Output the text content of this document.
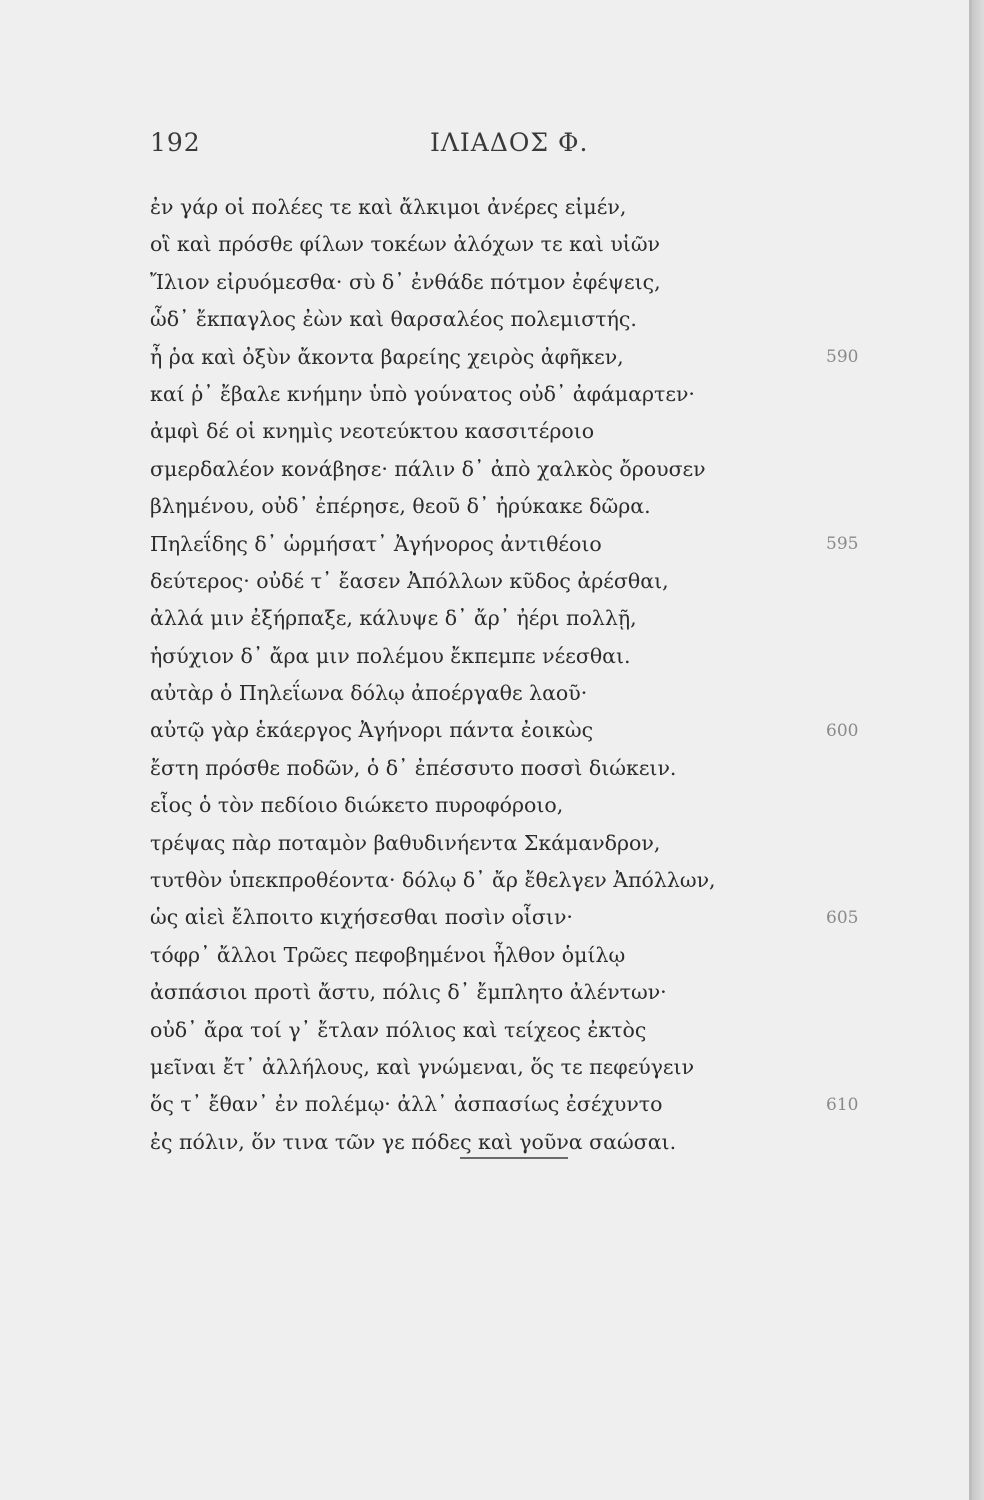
192	ΙΛΙΑΔΟΣ Φ.
ἐν γάρ οἱ πολέες τε καὶ ἄλκιμοι ἀνέρες εἰμέν,
οἳ καὶ πρόσθε φίλων τοκέων ἀλόχων τε καὶ υἱῶν
Ἴλιον εἰρυόμεσθα· σὺ δ᾽ ἐνθάδε πότμον ἐφέψεις,
ὧδ᾽ ἔκπαγλος ἐὼν καὶ θαρσαλέος πολεμιστής.
ἦ ῥα καὶ ὀξὺν ἄκοντα βαρείης χειρὸς ἀφῆκεν,
καί ῥ᾽ ἔβαλε κνήμην ὑπὸ γούνατος οὐδ᾽ ἀφάμαρτεν·
ἀμφὶ δέ οἱ κνημὶς νεοτεύκτου κασσιτέροιο
σμερδαλέον κονάβησε· πάλιν δ᾽ ἀπὸ χαλκὸς ὄρουσεν
βλημένου, οὐδ᾽ ἐπέρησε, θεοῦ δ᾽ ἠρύκακε δῶρα.
Πηλεΐδης δ᾽ ὡρμήσατ᾽ Ἀγήνορος ἀντιθέοιο
δεύτερος· οὐδέ τ᾽ ἔασεν Ἀπόλλων κῦδος ἀρέσθαι,
ἀλλά μιν ἐξήρπαξε, κάλυψε δ᾽ ἄρ᾽ ἠέρι πολλῇ,
ἡσύχιον δ᾽ ἄρα μιν πολέμου ἔκπεμπε νέεσθαι.
αὐτὰρ ὁ Πηλεΐωνα δόλῳ ἀποέργαθε λαοῦ·
αὐτῷ γὰρ ἑκάεργος Ἀγήνορι πάντα ἐοικὼς
ἔστη πρόσθε ποδῶν, ὁ δ᾽ ἐπέσσυτο ποσσὶ διώκειν.
εἷος ὁ τὸν πεδίοιο διώκετο πυροφόροιο,
τρέψας πὰρ ποταμὸν βαθυδινήεντα Σκάμανδρον,
τυτθὸν ὑπεκπροθέοντα· δόλῳ δ᾽ ἄρ ἔθελγεν Ἀπόλλων,
ὡς αἰεὶ ἔλποιτο κιχήσεσθαι ποσὶν οἷσιν·
τόφρ᾽ ἄλλοι Τρῶες πεφοβημένοι ἦλθον ὁμίλῳ
ἀσπάσιοι προτὶ ἄστυ, πόλις δ᾽ ἔμπλητο ἀλέντων·
οὐδ᾽ ἄρα τοί γ᾽ ἔτλαν πόλιος καὶ τείχεος ἐκτὸς
μεῖναι ἔτ᾽ ἀλλήλους, καὶ γνώμεναι, ὅς τε πεφεύγειν
ὅς τ᾽ ἔθαν᾽ ἐν πολέμῳ· ἀλλ᾽ ἀσπασίως ἐσέχυντο
ἐς πόλιν, ὅν τινα τῶν γε πόδες καὶ γοῦνα σαώσαι.
590
595
600
605
610
